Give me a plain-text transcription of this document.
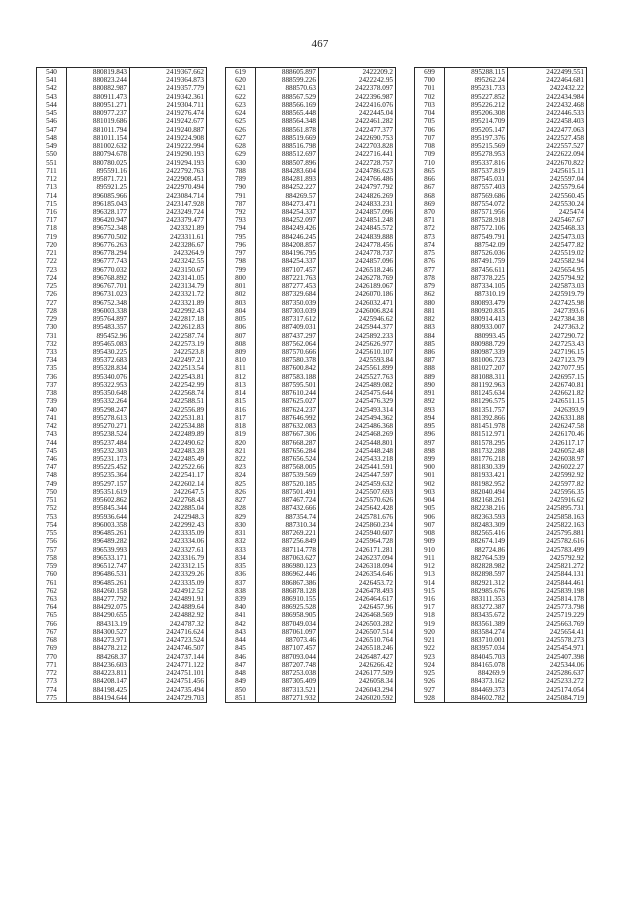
467
540	880819.843	2419367.662
541	880823.244	2419364.873
542	880882.987	2419357.779
543	880911.473	2419342.361
544	880951.271	2419304.711
545	880977.237	2419276.474
546	881019.686	2419242.677
547	881011.794	2419240.887
548	881011.154	2419224.908
549	881002.632	2419222.994
550	880794.678	2419290.193
551	880780.025	2419294.193
711	895591.16	2422792.763
712	895871.721	2422908.451
713	895921.25	2422970.494
714	896085.966	2423084.714
715	896185.043	2423147.928
716	896328.177	2423249.724
717	896420.947	2423379.477
718	896752.348	2423321.89
719	896770.502	2423311.61
720	896776.263	2423286.67
721	896778.294	2423264.9
722	896777.743	2423242.55
723	896770.032	2423150.67
724	896768.892	2423141.05
725	896767.701	2423134.79
726	896731.023	2423321.72
727	896752.348	2423321.89
728	896003.338	2422992.43
729	895764.897	2422817.18
730	895483.357	2422612.83
731	895452.96	2422587.74
732	895465.083	2422573.19
733	895430.225	2422523.8
734	895372.683	2422497.21
735	895328.834	2422513.54
736	895340.076	2422543.81
737	895322.953	2422542.99
738	895350.648	2422568.74
739	895332.264	2422588.51
740	895298.247	2422556.89
741	895278.613	2422531.81
742	895270.271	2422534.88
743	895238.524	2422489.89
744	895237.484	2422490.62
745	895232.303	2422483.28
746	895231.173	2422485.49
747	895225.452	2422522.66
748	895235.364	2422541.17
749	895297.157	2422602.14
750	895351.619	2422647.5
751	895602.862	2422768.43
752	895845.344	2422885.04
753	895936.644	2422948.3
754	896003.358	2422992.43
755	896485.261	2423335.09
756	896489.282	2423334.06
757	896539.993	2423327.61
758	896533.171	2423316.79
759	896512.747	2423312.15
760	896486.531	2423329.26
761	896485.261	2423335.09
762	884260.158	2424912.52
763	884277.792	2424891.91
764	884292.075	2424889.64
765	884290.655	2424882.92
766	884313.19	2424787.32
767	884300.527	2424716.624
768	884273.971	2424723.524
769	884278.212	2424746.507
770	884268.37	2424737.144
771	884236.603	2424771.122
772	884223.811	2424751.101
773	884208.147	2424751.456
774	884198.425	2424735.494
775	884194.644	2424729.703
619	888605.897	2422209.2
620	888599.226	2422242.95
621	888570.63	2422378.097
622	888567.529	2422396.987
623	888566.169	2422416.076
624	888565.448	2422445.04
625	888564.348	2422461.282
626	888561.878	2422477.377
627	888519.669	2422690.753
628	888516.798	2422703.828
629	888512.697	2422716.441
630	888507.896	2422728.757
788	884283.604	2424786.623
789	884281.893	2424766.486
790	884252.227	2424797.792
791	884269.57	2424826.269
787	884273.471	2424833.231
792	884254.337	2424857.096
793	884252.097	2424851.248
794	884249.426	2424845.572
795	884246.245	2424839.888
796	884208.857	2424778.456
797	884196.795	2424778.737
798	884254.337	2424857.096
799	887107.457	2426518.246
800	887221.763	2426278.769
801	887277.453	2426189.067
802	887329.684	2426070.186
803	887350.039	2426032.471
804	887303.039	2426006.824
805	887317.612	2425946.62
806	887409.031	2425944.377
807	887437.297	2425892.233
808	887562.064	2425626.977
809	887570.666	2425610.107
810	887580.378	2425593.84
811	887600.842	2425561.899
812	887583.188	2425527.763
813	887595.501	2425489.082
814	887610.244	2425475.644
815	887625.027	2425476.329
816	887624.237	2425493.314
817	887646.992	2425494.362
818	887632.083	2425486.368
819	887667.306	2425468.269
820	887668.287	2425448.801
821	887656.284	2425448.248
822	887656.524	2425433.218
823	887568.005	2425441.591
824	887539.569	2425447.597
825	887520.185	2425459.632
826	887501.491	2425507.693
827	887467.724	2425570.626
828	887432.666	2425642.428
829	887354.74	2425781.676
830	887310.34	2425860.234
831	887269.221	2425940.607
832	887256.849	2425964.728
833	887114.778	2426171.281
834	887063.627	2426237.094
835	886980.123	2426318.094
836	886962.446	2426354.646
837	886867.386	2426453.72
838	886878.128	2426478.493
839	886910.155	2426464.617
840	886925.528	2426457.96
841	886958.905	2426468.569
842	887049.034	2426503.282
843	887061.097	2426507.514
844	887073.46	2426510.764
845	887107.457	2426518.246
846	887093.044	2426487.427
847	887207.748	2426266.42
848	887253.038	2426177.509
849	887305.409	2426058.34
850	887313.521	2426043.294
851	887271.932	2426020.592
699	895288.115	2422499.551
700	895262.24	2422464.681
701	895231.733	2422432.22
702	895227.852	2422434.984
703	895226.212	2422432.468
704	895206.308	2422446.533
705	895214.709	2422458.403
706	895205.147	2422477.063
707	895197.376	2422527.458
708	895215.569	2422557.527
709	895278.953	2422622.094
710	895337.816	2422670.822
865	887537.819	2425615.11
866	887545.031	2425597.04
867	887557.403	2425579.64
868	887569.686	2425560.45
869	887554.072	2425530.24
870	887571.956	2425474
871	887528.918	2425467.67
872	887572.106	2425468.33
873	887549.791	2425473.03
874	887542.09	2425477.82
875	887526.036	2425519.02
876	887491.759	2425582.94
877	887456.611	2425654.95
878	887378.225	2425794.92
879	887334.105	2425873.03
862	887310.19	2425919.79
880	880893.479	2427425.98
881	880920.835	2427393.6
882	880914.413	2427384.38
883	880933.007	2427363.2
884	880993.45	2427290.72
885	880988.729	2427253.43
886	880987.339	2427196.15
887	881006.723	2427123.79
888	881027.207	2427077.95
889	881088.311	2426957.15
890	881192.963	2426740.81
891	881245.634	2426621.82
892	881296.575	2426511.15
893	881351.757	2426393.9
894	881392.866	2426331.88
895	881451.978	2426247.58
896	881512.971	2426170.46
897	881578.295	2426117.17
898	881732.288	2426052.48
899	881776.218	2426038.97
900	881830.339	2426022.27
901	881933.421	2425992.92
902	881982.952	2425977.82
903	882040.494	2425956.35
904	882168.261	2425916.62
905	882238.216	2425895.731
906	882363.593	2425858.163
907	882483.309	2425822.163
908	882565.416	2425795.881
909	882674.149	2425782.616
910	882724.86	2425783.499
911	882764.539	2425792.92
912	882828.982	2425821.272
913	882898.597	2425844.131
914	882921.312	2425844.461
915	882985.676	2425839.198
916	883111.353	2425814.178
917	883272.387	2425773.798
918	883435.672	2425719.229
919	883561.389	2425663.769
920	883584.274	2425654.41
921	883710.001	2425578.273
922	883957.034	2425454.971
923	884045.703	2425407.398
924	884165.078	2425344.06
925	884269.9	2425286.637
926	884373.162	2425233.272
927	884469.373	2425174.054
928	884602.782	2425084.719
